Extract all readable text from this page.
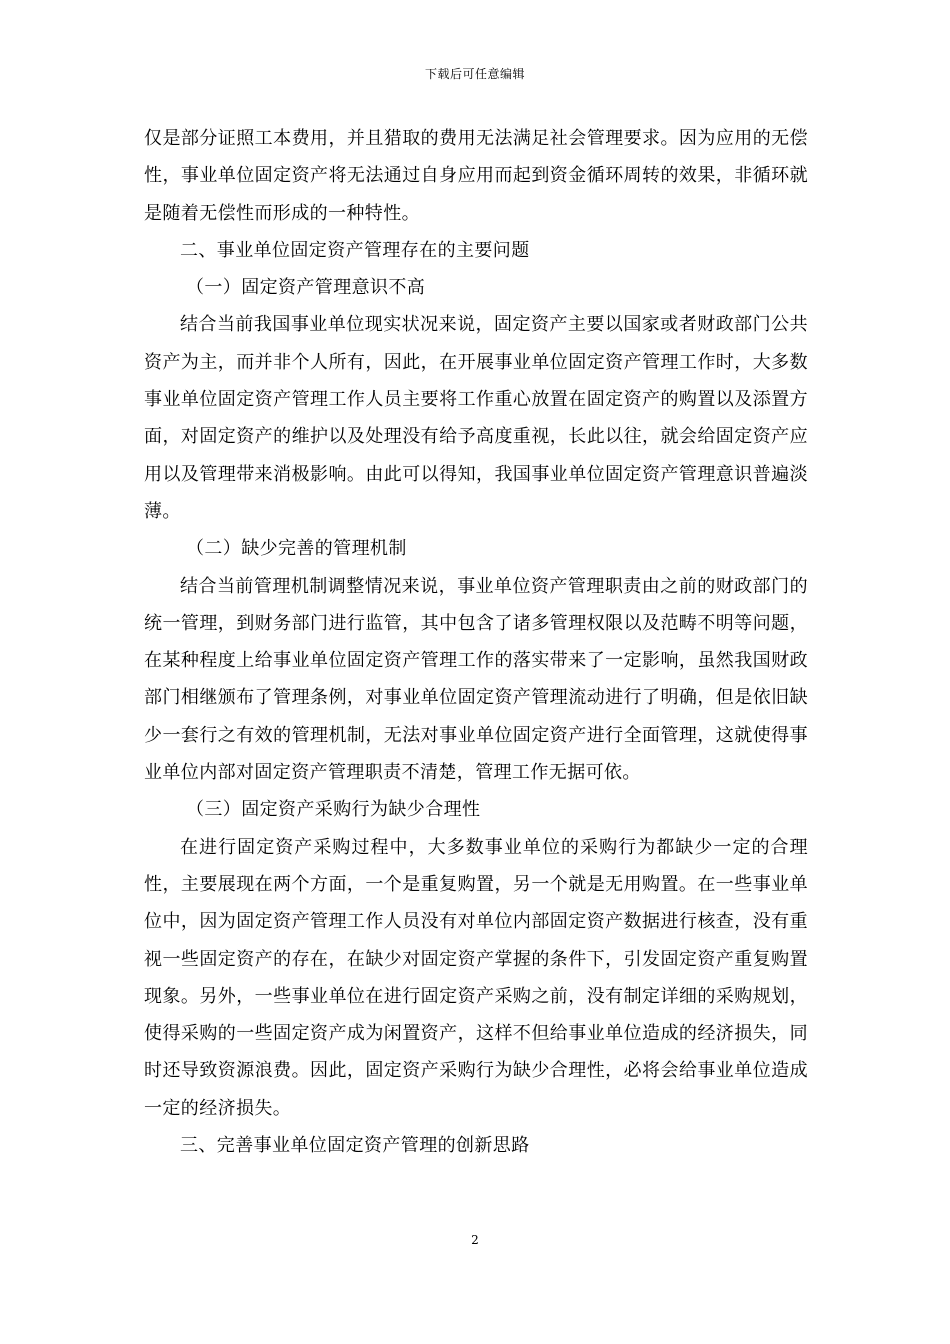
下载后可任意编辑

仅是部分证照工本费用，并且猎取的费用无法满足社会管理要求。因为应用的无偿性，事业单位固定资产将无法通过自身应用而起到资金循环周转的效果，非循环就是随着无偿性而形成的一种特性。

二、事业单位固定资产管理存在的主要问题

（一）固定资产管理意识不高

结合当前我国事业单位现实状况来说，固定资产主要以国家或者财政部门公共资产为主，而并非个人所有，因此，在开展事业单位固定资产管理工作时，大多数事业单位固定资产管理工作人员主要将工作重心放置在固定资产的购置以及添置方面，对固定资产的维护以及处理没有给予高度重视，长此以往，就会给固定资产应用以及管理带来消极影响。由此可以得知，我国事业单位固定资产管理意识普遍淡薄。

（二）缺少完善的管理机制

结合当前管理机制调整情况来说，事业单位资产管理职责由之前的财政部门的统一管理，到财务部门进行监管，其中包含了诸多管理权限以及范畴不明等问题，在某种程度上给事业单位固定资产管理工作的落实带来了一定影响，虽然我国财政部门相继颁布了管理条例，对事业单位固定资产管理流动进行了明确，但是依旧缺少一套行之有效的管理机制，无法对事业单位固定资产进行全面管理，这就使得事业单位内部对固定资产管理职责不清楚，管理工作无据可依。

（三）固定资产采购行为缺少合理性

在进行固定资产采购过程中，大多数事业单位的采购行为都缺少一定的合理性，主要展现在两个方面，一个是重复购置，另一个就是无用购置。在一些事业单位中，因为固定资产管理工作人员没有对单位内部固定资产数据进行核查，没有重视一些固定资产的存在，在缺少对固定资产掌握的条件下，引发固定资产重复购置现象。另外，一些事业单位在进行固定资产采购之前，没有制定详细的采购规划，使得采购的一些固定资产成为闲置资产，这样不但给事业单位造成的经济损失，同时还导致资源浪费。因此，固定资产采购行为缺少合理性，必将会给事业单位造成一定的经济损失。

三、完善事业单位固定资产管理的创新思路

2
